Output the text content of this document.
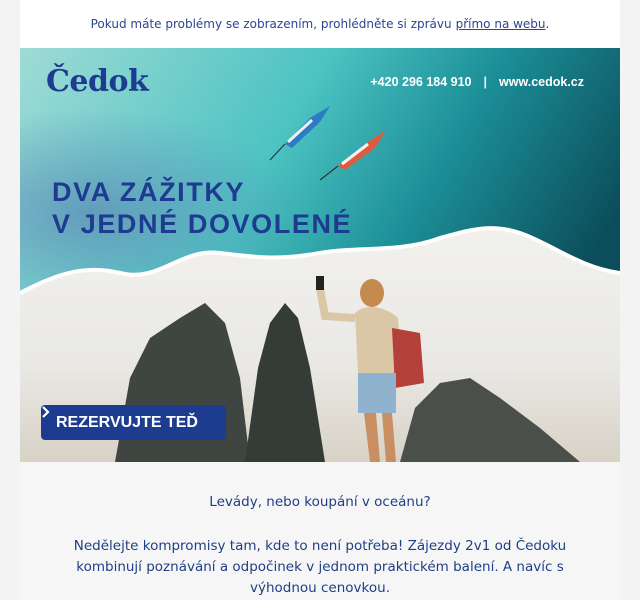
Pokud máte problémy se zobrazením, prohlédněte si zprávu přímo na webu .
Čedok	+420 296 184 910 | www.cedok.cz
DVA ZÁŽITKY
V JEDNÉ DOVOLENÉ
REZERVUJTE TEĎ
Levády, nebo koupání v oceánu?
Nedělejte kompromisy tam, kde to není potřeba! Zájezdy 2v1 od Čedoku kombinují poznávání a odpočinek v jednom praktickém balení. A navíc s výhodnou cenovkou.
